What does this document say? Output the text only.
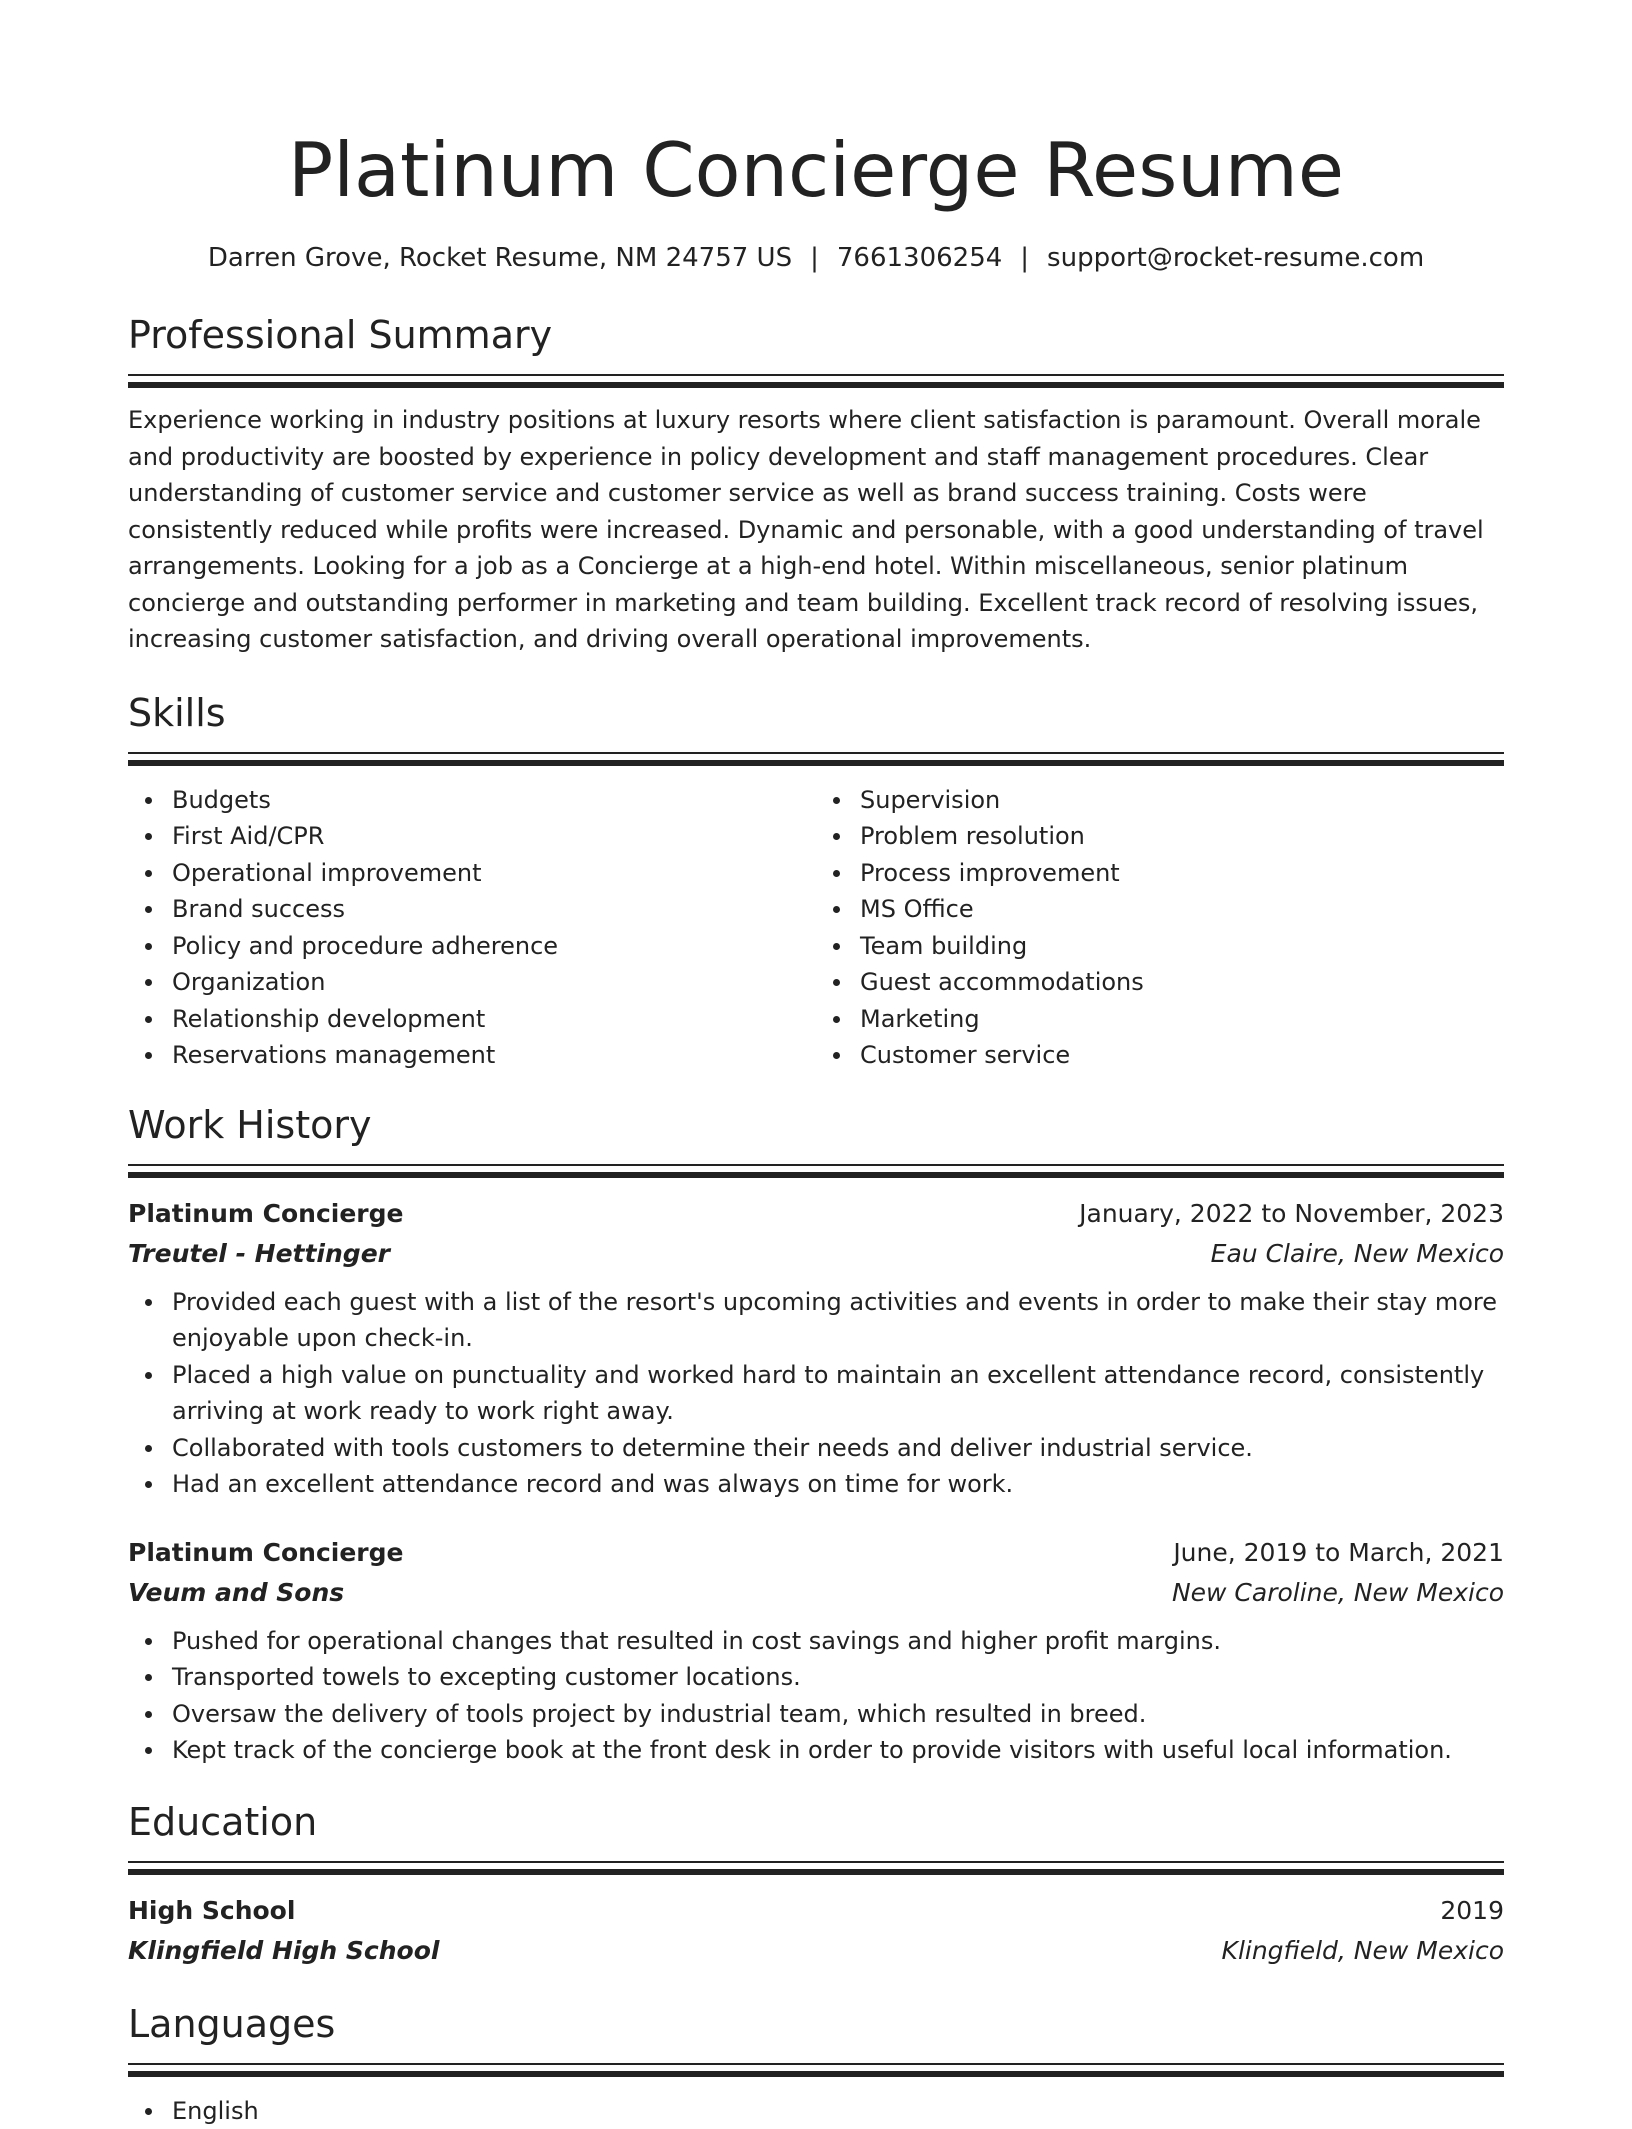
Platinum Concierge Resume
Darren Grove, Rocket Resume, NM 24757 US | 7661306254 | support@rocket-resume.com
Professional Summary

Experience working in industry positions at luxury resorts where client satisfaction is paramount. Overall morale and productivity are boosted by experience in policy development and staff management procedures. Clear understanding of customer service and customer service as well as brand success training. Costs were consistently reduced while profits were increased. Dynamic and personable, with a good understanding of travel arrangements. Looking for a job as a Concierge at a high-end hotel. Within miscellaneous, senior platinum concierge and outstanding performer in marketing and team building. Excellent track record of resolving issues, increasing customer satisfaction, and driving overall operational improvements.

Skills
Budgets
First Aid/CPR
Operational improvement
Brand success
Policy and procedure adherence
Organization
Relationship development
Reservations management
Supervision
Problem resolution
Process improvement
MS Office
Team building
Guest accommodations
Marketing
Customer service
Work History
Platinum Concierge	January, 2022 to November, 2023
Treutel - Hettinger	Eau Claire, New Mexico
Provided each guest with a list of the resort's upcoming activities and events in order to make their stay more enjoyable upon check-in.
Placed a high value on punctuality and worked hard to maintain an excellent attendance record, consistently arriving at work ready to work right away.
Collaborated with tools customers to determine their needs and deliver industrial service.
Had an excellent attendance record and was always on time for work.
Platinum Concierge	June, 2019 to March, 2021
Veum and Sons	New Caroline, New Mexico
Pushed for operational changes that resulted in cost savings and higher profit margins.
Transported towels to excepting customer locations.
Oversaw the delivery of tools project by industrial team, which resulted in breed.
Kept track of the concierge book at the front desk in order to provide visitors with useful local information.
Education
High School	2019
Klingfield High School	Klingfield, New Mexico
Languages
English
